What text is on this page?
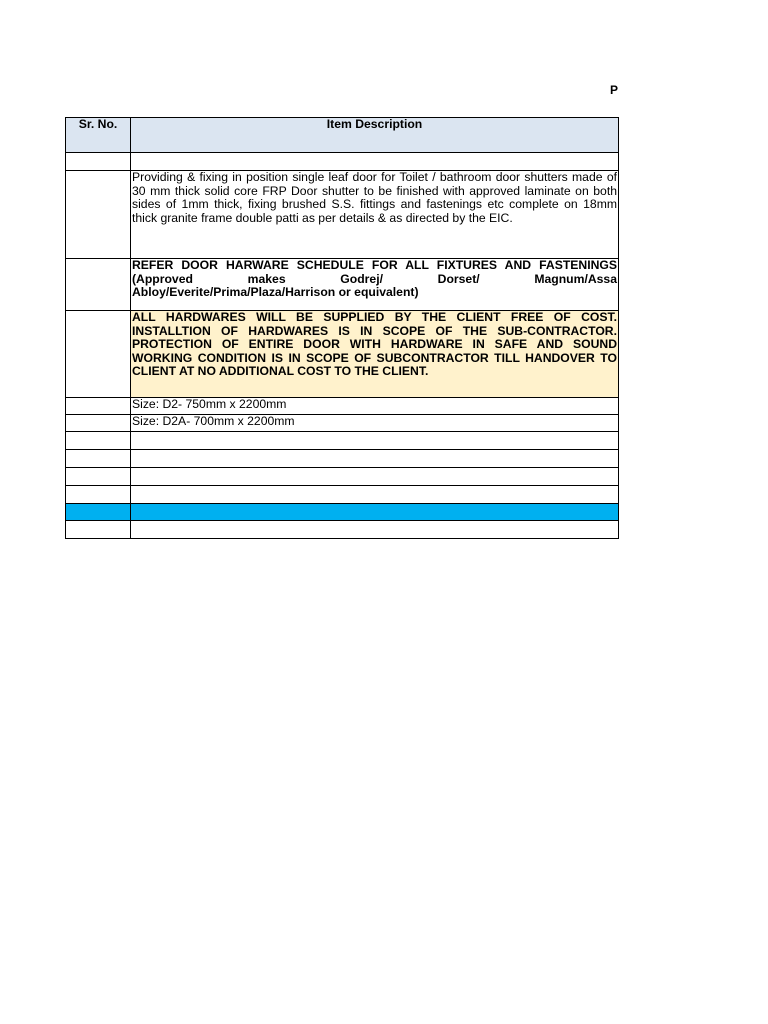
P
Sr. No.	Item Description

	Providing & fixing in position single leaf door for Toilet / bathroom door shutters made of 30 mm thick solid core FRP Door shutter to be finished with approved laminate on both sides of 1mm thick, fixing brushed S.S. fittings and fastenings etc complete on 18mm thick granite frame double patti as per details & as directed by the EIC.
	REFER DOOR HARWARE SCHEDULE FOR ALL FIXTURES AND FASTENINGS (Approved makes Godrej/ Dorset/ Magnum/Assa Abloy/Everite/Prima/Plaza/Harrison or equivalent)
	ALL HARDWARES WILL BE SUPPLIED BY THE CLIENT FREE OF COST. INSTALLTION OF HARDWARES IS IN SCOPE OF THE SUB-CONTRACTOR. PROTECTION OF ENTIRE DOOR WITH HARDWARE IN SAFE AND SOUND WORKING CONDITION IS IN SCOPE OF SUBCONTRACTOR TILL HANDOVER TO CLIENT AT NO ADDITIONAL COST TO THE CLIENT.
	Size: D2- 750mm x 2200mm
	Size: D2A- 700mm x 2200mm
